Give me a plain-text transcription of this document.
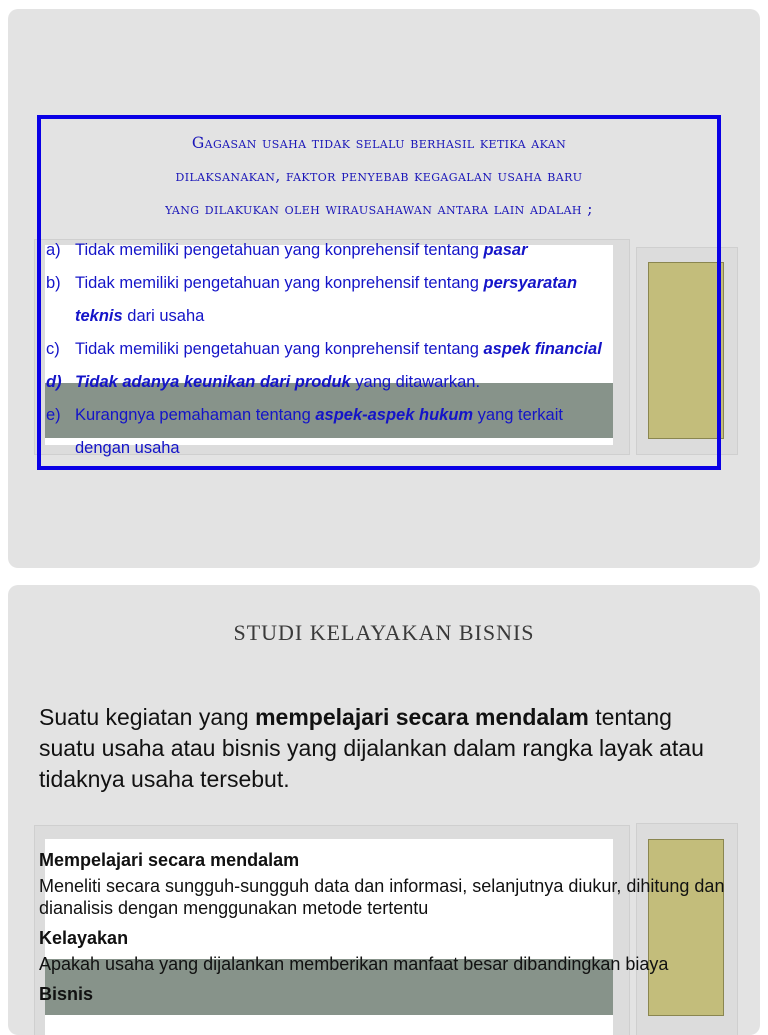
Gagasan usaha tidak selalu berhasil ketika akan
dilaksanakan, faktor penyebab kegagalan usaha baru
yang dilakukan oleh wirausahawan antara lain adalah ;
a) Tidak memiliki pengetahuan yang konprehensif tentang pasar
b) Tidak memiliki pengetahuan yang konprehensif tentang persyaratan
teknis dari usaha
c) Tidak memiliki pengetahuan yang konprehensif tentang aspek financial
d) Tidak adanya keunikan dari produk yang ditawarkan.
e) Kurangnya pemahaman tentang aspek-aspek hukum yang terkait
dengan usaha
STUDI KELAYAKAN BISNIS
Suatu kegiatan yang mempelajari secara mendalam tentang suatu usaha atau bisnis yang dijalankan dalam rangka layak atau tidaknya usaha tersebut.
Mempelajari secara mendalam
Meneliti secara sungguh-sungguh data dan informasi, selanjutnya diukur, dihitung dan dianalisis dengan menggunakan metode tertentu
Kelayakan
Apakah usaha yang dijalankan memberikan manfaat besar dibandingkan biaya
Bisnis
